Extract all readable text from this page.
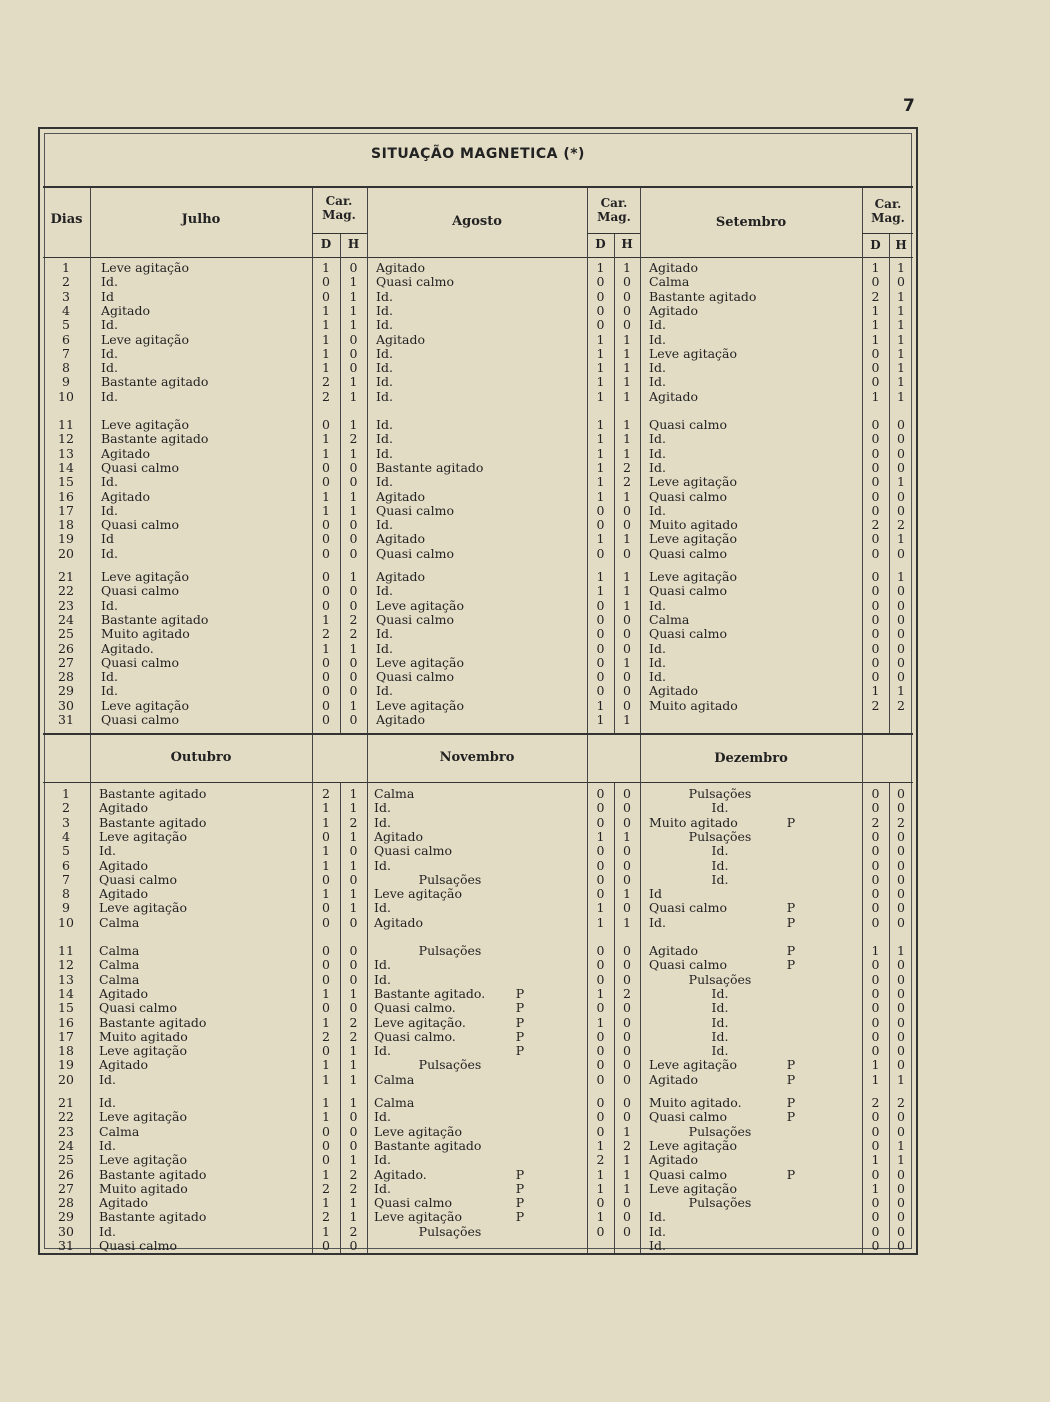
7
SITUAÇÃO MAGNETICA (*)
Dias	Julho	Agosto	Setembro
Car. Mag.
Car. Mag.
Car. Mag.
D	H	D	H	D	H
Outubro	Novembro	Dezembro
1	Leve agitação	1	0	Agitado	1	1	Agitado	1	1
2	Id.	0	1	Quasi calmo	0	0	Calma	0	0
3	Id	0	1	Id.	0	0	Bastante agitado	2	1
4	Agitado	1	1	Id.	0	0	Agitado	1	1
5	Id.	1	1	Id.	0	0	Id.	1	1
6	Leve agitação	1	0	Agitado	1	1	Id.	1	1
7	Id.	1	0	Id.	1	1	Leve agitação	0	1
8	Id.	1	0	Id.	1	1	Id.	0	1
9	Bastante agitado	2	1	Id.	1	1	Id.	0	1
10	Id.	2	1	Id.	1	1	Agitado	1	1
11	Leve agitação	0	1	Id.	1	1	Quasi calmo	0	0
12	Bastante agitado	1	2	Id.	1	1	Id.	0	0
13	Agitado	1	1	Id.	1	1	Id.	0	0
14	Quasi calmo	0	0	Bastante agitado	1	2	Id.	0	0
15	Id.	0	0	Id.	1	2	Leve agitação	0	1
16	Agitado	1	1	Agitado	1	1	Quasi calmo	0	0
17	Id.	1	1	Quasi calmo	0	0	Id.	0	0
18	Quasi calmo	0	0	Id.	0	0	Muito agitado	2	2
19	Id	0	0	Agitado	1	1	Leve agitação	0	1
20	Id.	0	0	Quasi calmo	0	0	Quasi calmo	0	0
21	Leve agitação	0	1	Agitado	1	1	Leve agitação	0	1
22	Quasi calmo	0	0	Id.	1	1	Quasi calmo	0	0
23	Id.	0	0	Leve agitação	0	1	Id.	0	0
24	Bastante agitado	1	2	Quasi calmo	0	0	Calma	0	0
25	Muito agitado	2	2	Id.	0	0	Quasi calmo	0	0
26	Agitado.	1	1	Id.	0	0	Id.	0	0
27	Quasi calmo	0	0	Leve agitação	0	1	Id.	0	0
28	Id.	0	0	Quasi calmo	0	0	Id.	0	0
29	Id.	0	0	Id.	0	0	Agitado	1	1
30	Leve agitação	0	1	Leve agitação	1	0	Muito agitado	2	2
31	Quasi calmo	0	0	Agitado	1	1
1	Bastante agitado	2	1	Calma	0	0	Pulsações	0	0
2	Agitado	1	1	Id.	0	0	Id.	0	0
3	Bastante agitado	1	2	Id.	0	0	Muito agitado	P	2	2
4	Leve agitação	0	1	Agitado	1	1	Pulsações	0	0
5	Id.	1	0	Quasi calmo	0	0	Id.	0	0
6	Agitado	1	1	Id.	0	0	Id.	0	0
7	Quasi calmo	0	0	Pulsações	0	0	Id.	0	0
8	Agitado	1	1	Leve agitação	0	1	Id	0	0
9	Leve agitação	0	1	Id.	1	0	Quasi calmo	P	0	0
10	Calma	0	0	Agitado	1	1	Id.	P	0	0
11	Calma	0	0	Pulsações	0	0	Agitado	P	1	1
12	Calma	0	0	Id.	0	0	Quasi calmo	P	0	0
13	Calma	0	0	Id.	0	0	Pulsações	0	0
14	Agitado	1	1	Bastante agitado.	P	1	2	Id.	0	0
15	Quasi calmo	0	0	Quasi calmo.	P	0	0	Id.	0	0
16	Bastante agitado	1	2	Leve agitação.	P	1	0	Id.	0	0
17	Muito agitado	2	2	Quasi calmo.	P	0	0	Id.	0	0
18	Leve agitação	0	1	Id.	P	0	0	Id.	0	0
19	Agitado	1	1	Pulsações	0	0	Leve agitação	P	1	0
20	Id.	1	1	Calma	0	0	Agitado	P	1	1
21	Id.	1	1	Calma	0	0	Muito agitado.	P	2	2
22	Leve agitação	1	0	Id.	0	0	Quasi calmo	P	0	0
23	Calma	0	0	Leve agitação	0	1	Pulsações	0	0
24	Id.	0	0	Bastante agitado	1	2	Leve agitação	0	1
25	Leve agitação	0	1	Id.	2	1	Agitado	1	1
26	Bastante agitado	1	2	Agitado.	P	1	1	Quasi calmo	P	0	0
27	Muito agitado	2	2	Id.	P	1	1	Leve agitação	1	0
28	Agitado	1	1	Quasi calmo	P	0	0	Pulsações	0	0
29	Bastante agitado	2	1	Leve agitação	P	1	0	Id.	0	0
30	Id.	1	2	Pulsações	0	0	Id.	0	0
31	Quasi calmo	0	0	Id.	0	0
